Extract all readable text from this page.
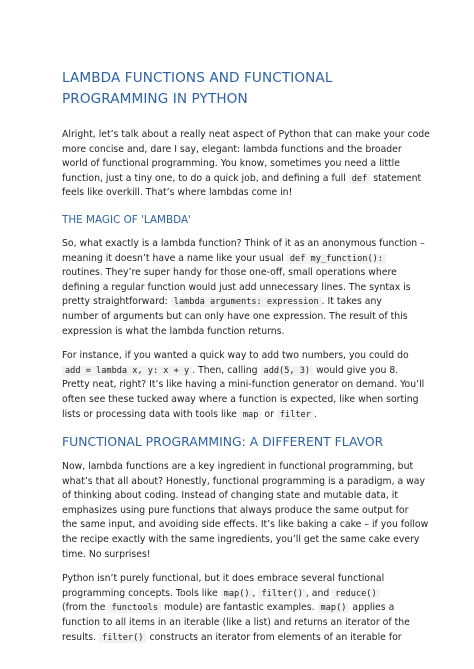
LAMBDA FUNCTIONS AND FUNCTIONAL
PROGRAMMING IN PYTHON

Alright, let’s talk about a really neat aspect of Python that can make your code
more concise and, dare I say, elegant: lambda functions and the broader
world of functional programming. You know, sometimes you need a little
function, just a tiny one, to do a quick job, and defining a full def statement
feels like overkill. That’s where lambdas come in!

THE MAGIC OF 'LAMBDA'

So, what exactly is a lambda function? Think of it as an anonymous function –
meaning it doesn’t have a name like your usual def my_function():
routines. They’re super handy for those one-off, small operations where
defining a regular function would just add unnecessary lines. The syntax is
pretty straightforward: lambda arguments: expression . It takes any
number of arguments but can only have one expression. The result of this
expression is what the lambda function returns.

For instance, if you wanted a quick way to add two numbers, you could do
add = lambda x, y: x + y . Then, calling add(5, 3) would give you 8.
Pretty neat, right? It’s like having a mini-function generator on demand. You’ll
often see these tucked away where a function is expected, like when sorting
lists or processing data with tools like map or filter .

FUNCTIONAL PROGRAMMING: A DIFFERENT FLAVOR

Now, lambda functions are a key ingredient in functional programming, but
what’s that all about? Honestly, functional programming is a paradigm, a way
of thinking about coding. Instead of changing state and mutable data, it
emphasizes using pure functions that always produce the same output for
the same input, and avoiding side effects. It’s like baking a cake – if you follow
the recipe exactly with the same ingredients, you’ll get the same cake every
time. No surprises!

Python isn’t purely functional, but it does embrace several functional
programming concepts. Tools like map() , filter() , and reduce()
(from the functools module) are fantastic examples. map() applies a
function to all items in an iterable (like a list) and returns an iterator of the
results. filter() constructs an iterator from elements of an iterable for
